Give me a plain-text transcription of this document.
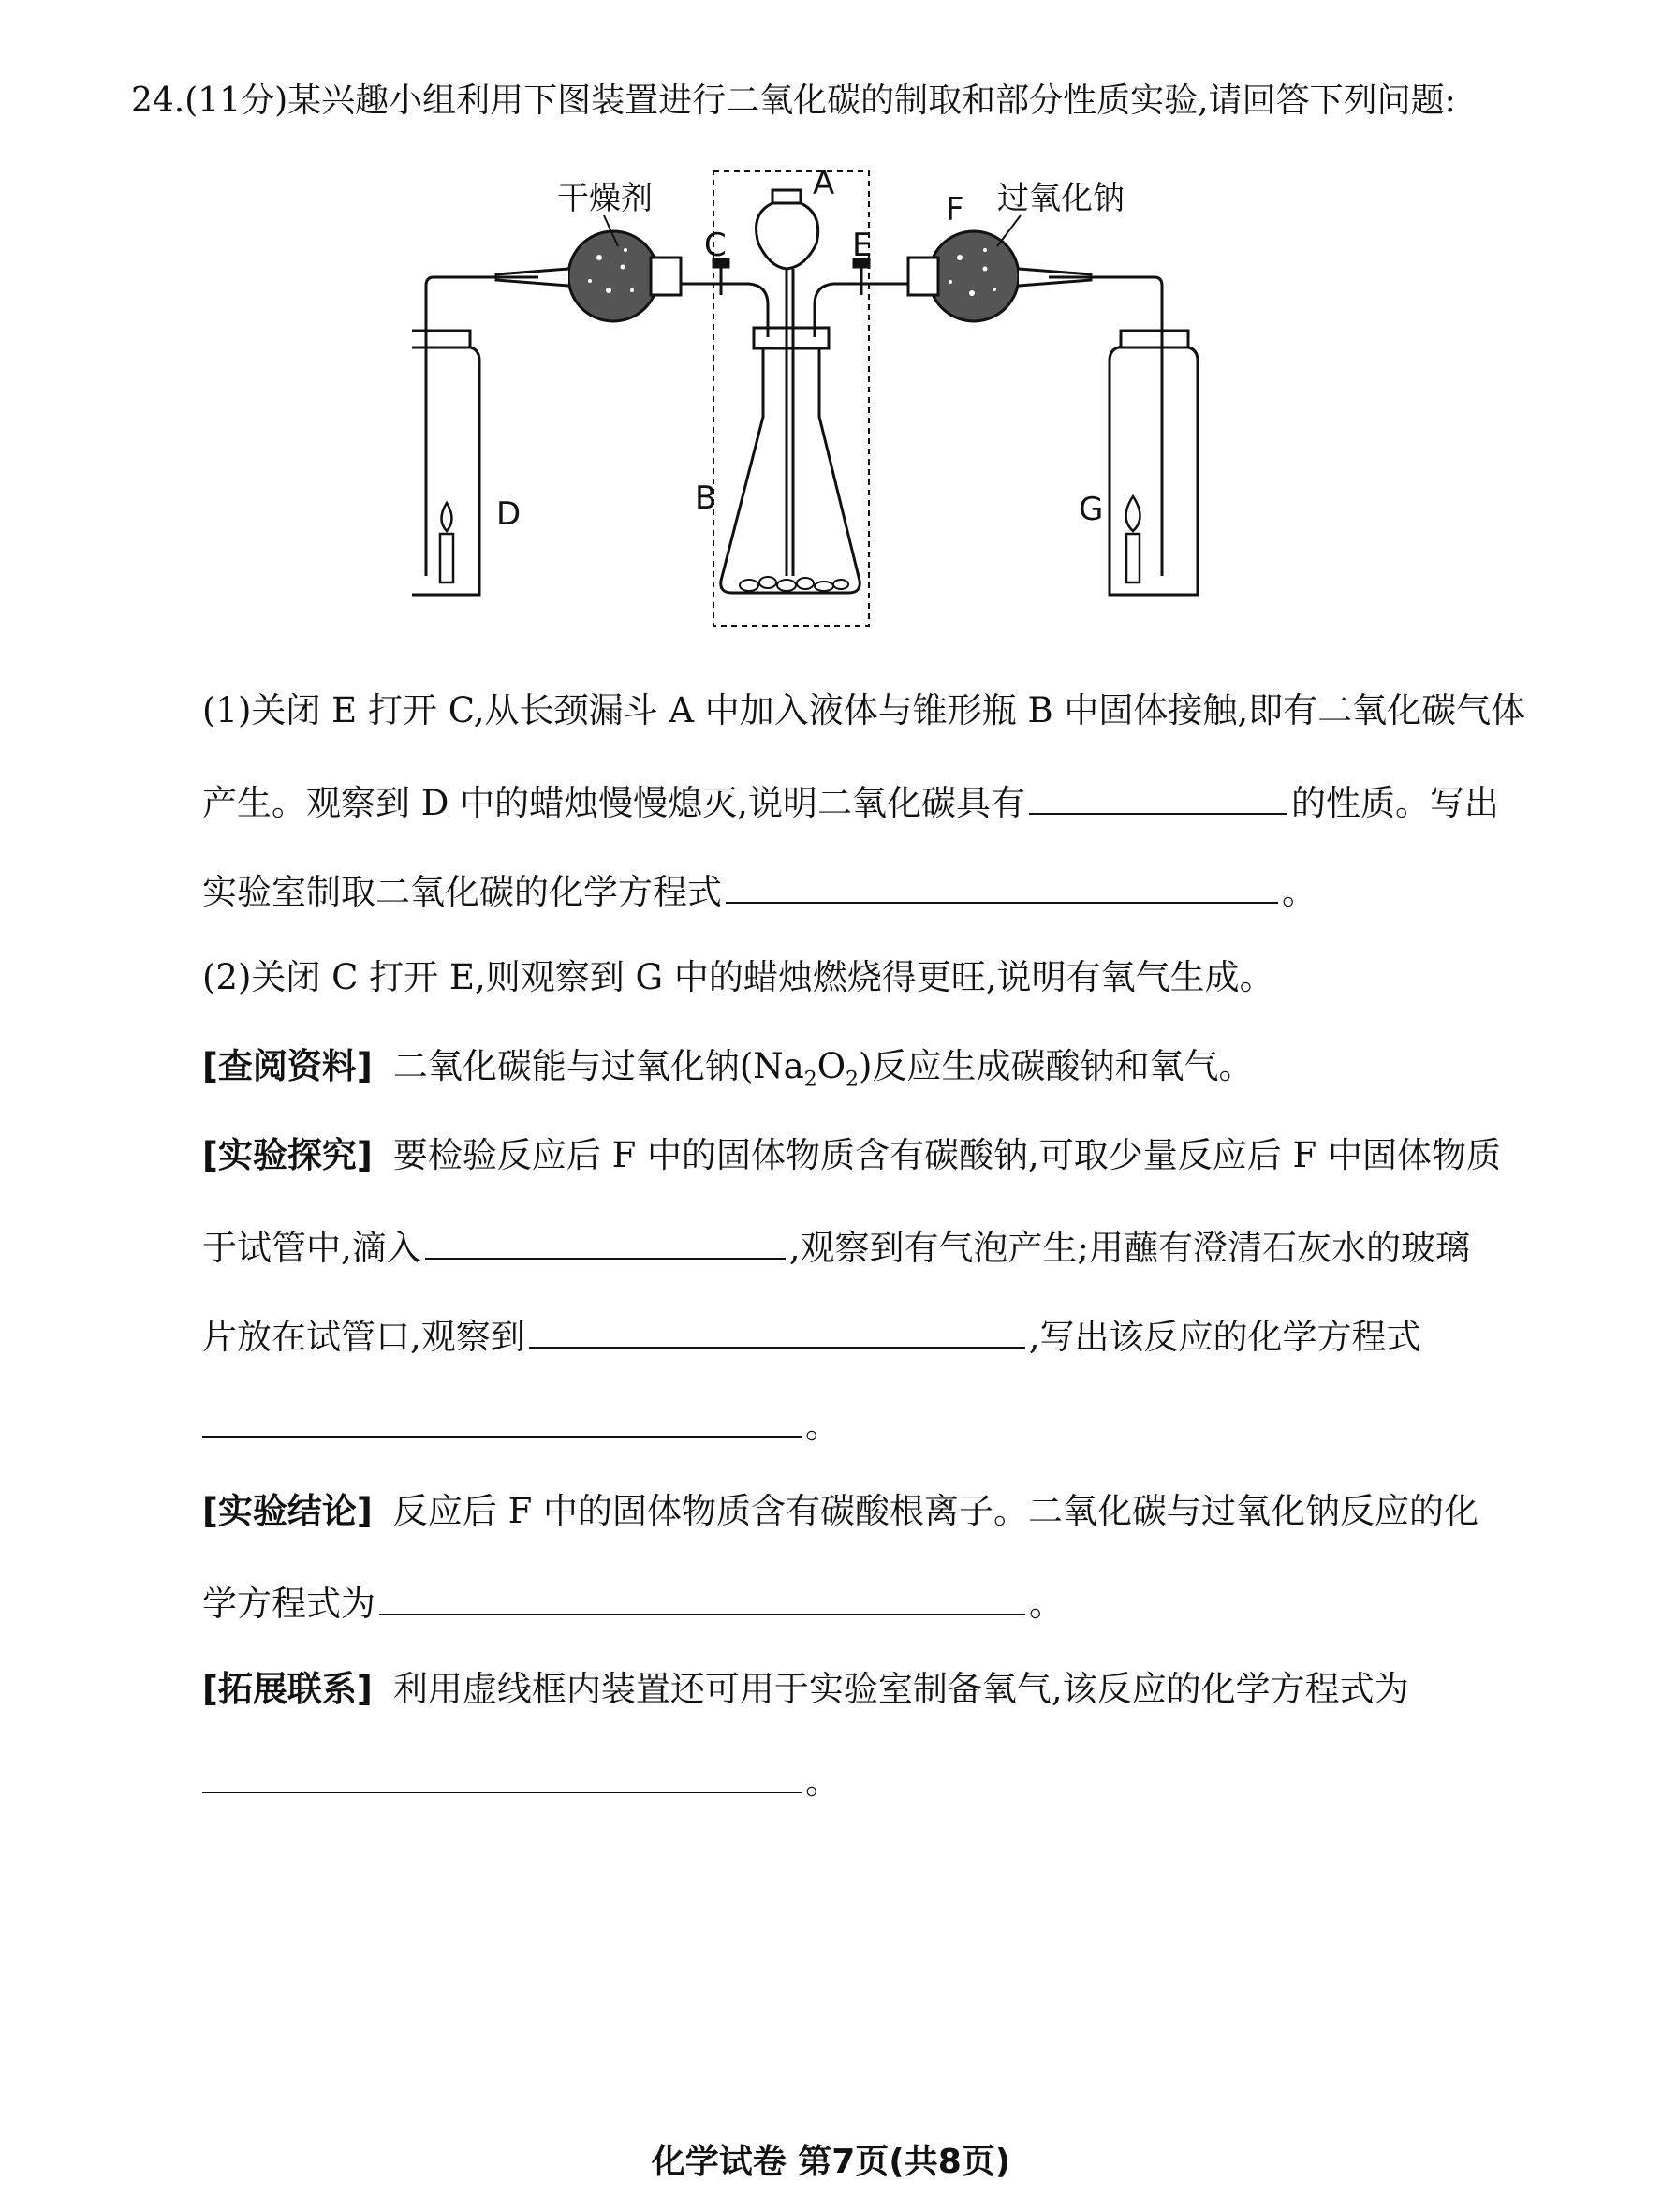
24.(11分)某兴趣小组利用下图装置进行二氧化碳的制取和部分性质实验,请回答下列问题:
干燥剂	过氧化钠
A
C	E
F
B
D	G
(1)关闭 E 打开 C,从长颈漏斗 A 中加入液体与锥形瓶 B 中固体接触,即有二氧化碳气体
产生。观察到 D 中的蜡烛慢慢熄灭,说明二氧化碳具有	的性质。写出
实验室制取二氧化碳的化学方程式	。
(2)关闭 C 打开 E,则观察到 G 中的蜡烛燃烧得更旺,说明有氧气生成。
[查阅资料] 二氧化碳能与过氧化钠$(Na_2O_2)$反应生成碳酸钠和氧气。
[实验探究] 要检验反应后 F 中的固体物质含有碳酸钠,可取少量反应后 F 中固体物质
于试管中,滴入	,观察到有气泡产生;用蘸有澄清石灰水的玻璃
片放在试管口,观察到	,写出该反应的化学方程式
。
[实验结论] 反应后 F 中的固体物质含有碳酸根离子。二氧化碳与过氧化钠反应的化
学方程式为	。
[拓展联系] 利用虚线框内装置还可用于实验室制备氧气,该反应的化学方程式为
。
化学试卷 第7页(共8页)
